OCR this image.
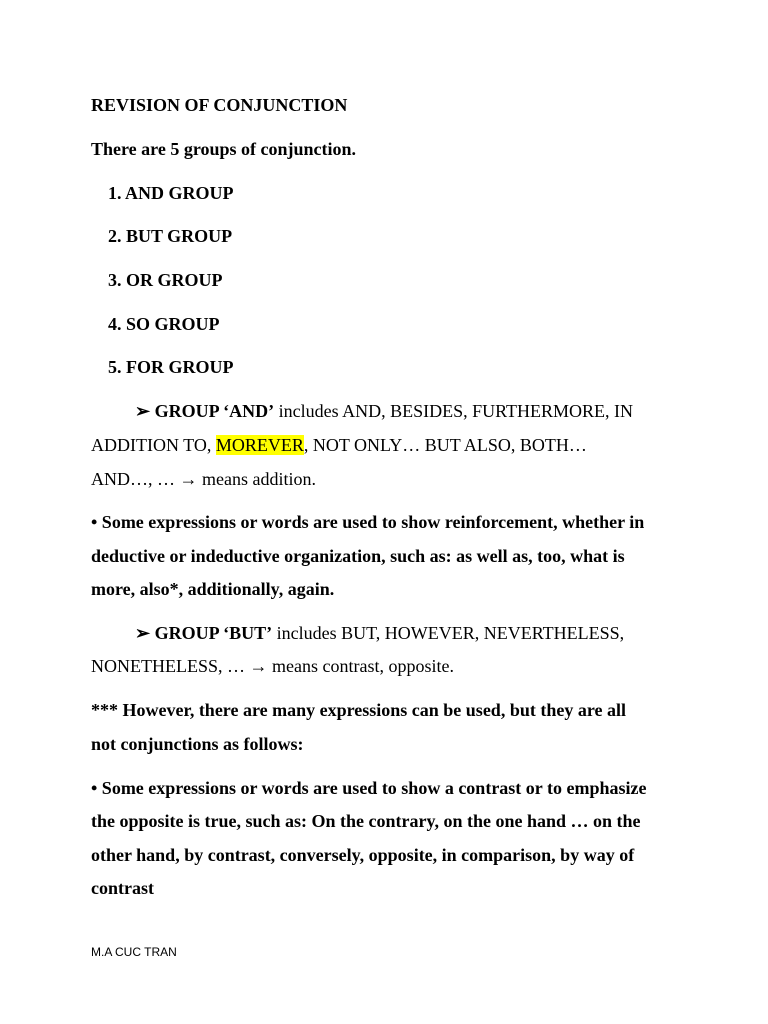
REVISION OF CONJUNCTION
There are 5 groups of conjunction.
1. AND GROUP
2. BUT GROUP
3. OR GROUP
4. SO GROUP
5. FOR GROUP
➢ GROUP ‘AND’ includes AND, BESIDES, FURTHERMORE, IN
ADDITION TO, MOREVER, NOT ONLY… BUT ALSO, BOTH…
AND…, … → means addition.
• Some expressions or words are used to show reinforcement, whether in
deductive or indeductive organization, such as: as well as, too, what is
more, also*, additionally, again.
➢ GROUP ‘BUT’ includes BUT, HOWEVER, NEVERTHELESS,
NONETHELESS, … → means contrast, opposite.
*** However, there are many expressions can be used, but they are all
not conjunctions as follows:
• Some expressions or words are used to show a contrast or to emphasize
the opposite is true, such as: On the contrary, on the one hand … on the
other hand, by contrast, conversely, opposite, in comparison, by way of
contrast
M.A CUC TRAN
